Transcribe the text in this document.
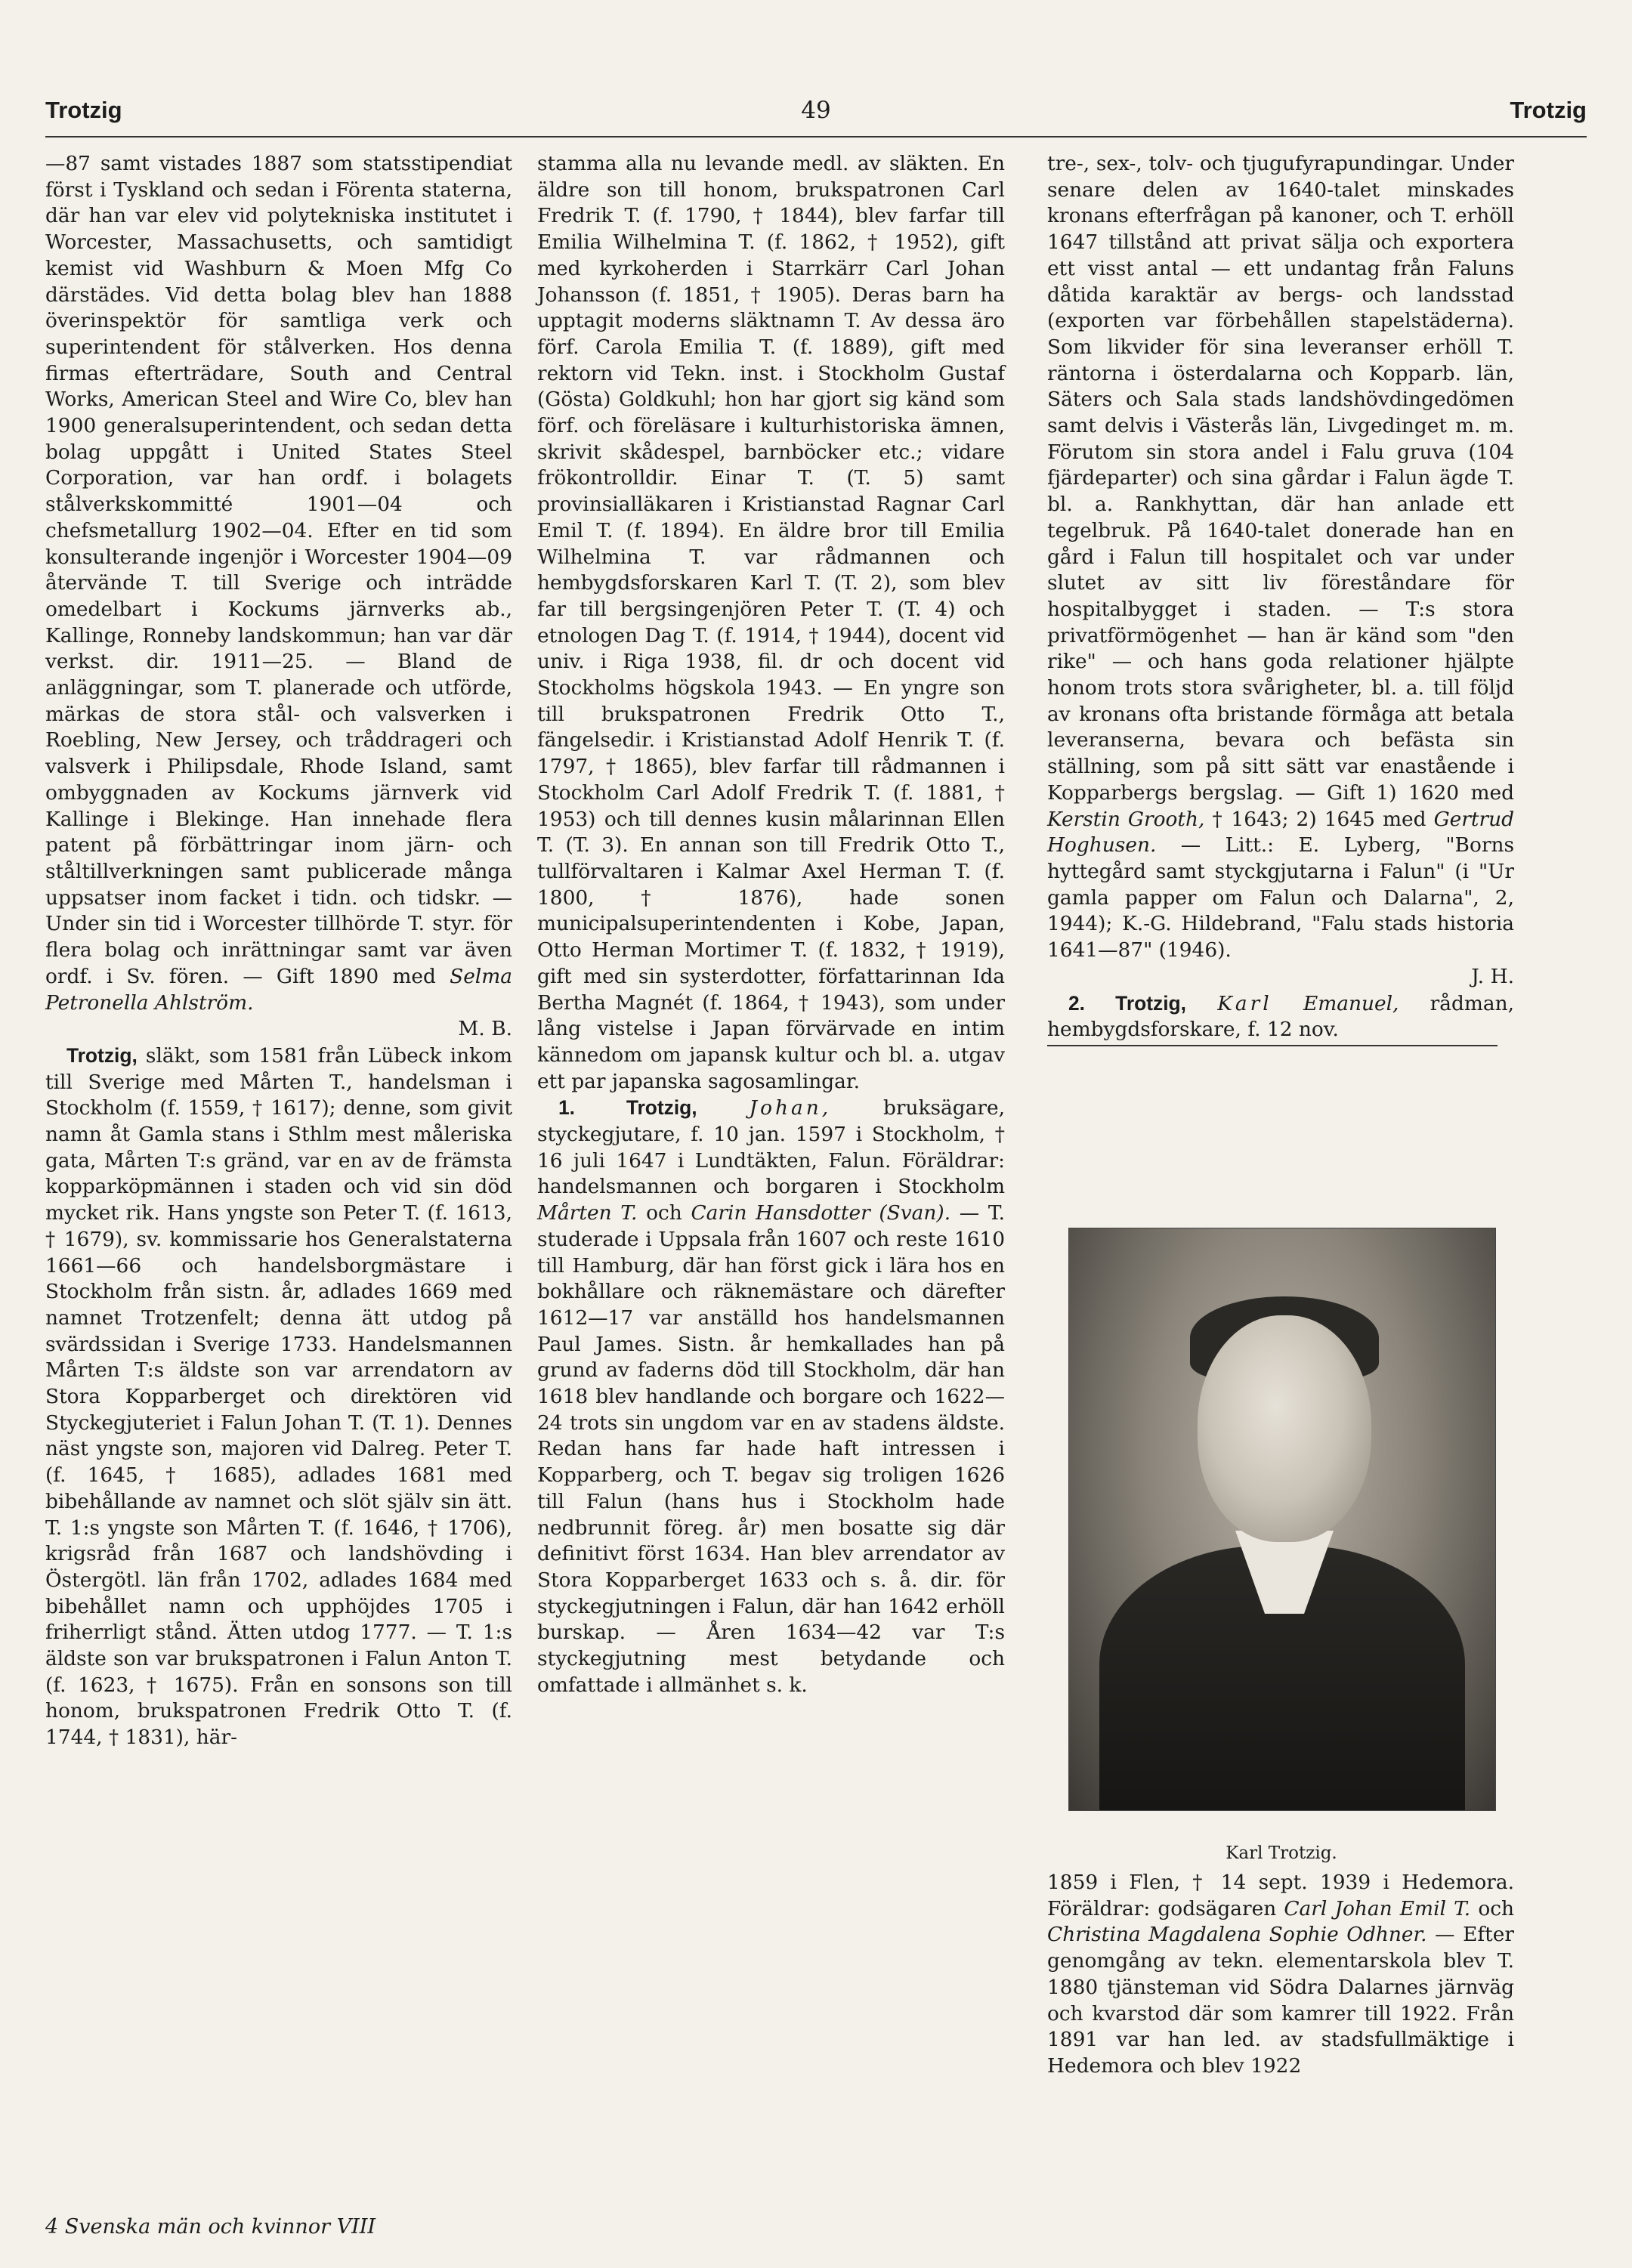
Trotzig	49	Trotzig

—87 samt vistades 1887 som statsstipendiat först i Tyskland och sedan i Förenta staterna, där han var elev vid polytekniska institutet i Worcester, Massachusetts, och samtidigt kemist vid Washburn & Moen Mfg Co därstädes. Vid detta bolag blev han 1888 överinspektör för samtliga verk och superintendent för stålverken. Hos denna firmas efterträdare, South and Central Works, American Steel and Wire Co, blev han 1900 generalsuperintendent, och sedan detta bolag uppgått i United States Steel Corporation, var han ordf. i bolagets stålverkskommitté 1901—04 och chefsmetallurg 1902—04. Efter en tid som konsulterande ingenjör i Worcester 1904—09 återvände T. till Sverige och inträdde omedelbart i Kockums järnverks ab., Kallinge, Ronneby landskommun; han var där verkst. dir. 1911—25. — Bland de anläggningar, som T. planerade och utförde, märkas de stora stål- och valsverken i Roebling, New Jersey, och tråddrageri och valsverk i Philipsdale, Rhode Island, samt ombyggnaden av Kockums järnverk vid Kallinge i Blekinge. Han innehade flera patent på förbättringar inom järn- och ståltillverkningen samt publicerade många uppsatser inom facket i tidn. och tidskr. — Under sin tid i Worcester tillhörde T. styr. för flera bolag och inrättningar samt var även ordf. i Sv. fören. — Gift 1890 med Selma Petronella Ahlström.

M. B.

Trotzig, släkt, som 1581 från Lübeck inkom till Sverige med Mårten T., handelsman i Stockholm (f. 1559, † 1617); denne, som givit namn åt Gamla stans i Sthlm mest måleriska gata, Mårten T:s gränd, var en av de främsta kopparköpmännen i staden och vid sin död mycket rik. Hans yngste son Peter T. (f. 1613, † 1679), sv. kommissarie hos Generalstaterna 1661—66 och handelsborgmästare i Stockholm från sistn. år, adlades 1669 med namnet Trotzenfelt; denna ätt utdog på svärdssidan i Sverige 1733. Handelsmannen Mårten T:s äldste son var arrendatorn av Stora Kopparberget och direktören vid Styckegjuteriet i Falun Johan T. (T. 1). Dennes näst yngste son, majoren vid Dalreg. Peter T. (f. 1645, † 1685), adlades 1681 med bibehållande av namnet och slöt själv sin ätt. T. 1:s yngste son Mårten T. (f. 1646, † 1706), krigsråd från 1687 och landshövding i Östergötl. län från 1702, adlades 1684 med bibehållet namn och upphöjdes 1705 i friherrligt stånd. Ätten utdog 1777. — T. 1:s äldste son var brukspatronen i Falun Anton T. (f. 1623, † 1675). Från en sonsons son till honom, brukspatronen Fredrik Otto T. (f. 1744, † 1831), här-

stamma alla nu levande medl. av släkten. En äldre son till honom, brukspatronen Carl Fredrik T. (f. 1790, † 1844), blev farfar till Emilia Wilhelmina T. (f. 1862, † 1952), gift med kyrkoherden i Starrkärr Carl Johan Johansson (f. 1851, † 1905). Deras barn ha upptagit moderns släktnamn T. Av dessa äro förf. Carola Emilia T. (f. 1889), gift med rektorn vid Tekn. inst. i Stockholm Gustaf (Gösta) Goldkuhl; hon har gjort sig känd som förf. och föreläsare i kulturhistoriska ämnen, skrivit skådespel, barnböcker etc.; vidare frökontrolldir. Einar T. (T. 5) samt provinsialläkaren i Kristianstad Ragnar Carl Emil T. (f. 1894). En äldre bror till Emilia Wilhelmina T. var rådmannen och hembygdsforskaren Karl T. (T. 2), som blev far till bergsingenjören Peter T. (T. 4) och etnologen Dag T. (f. 1914, † 1944), docent vid univ. i Riga 1938, fil. dr och docent vid Stockholms högskola 1943. — En yngre son till brukspatronen Fredrik Otto T., fängelsedir. i Kristianstad Adolf Henrik T. (f. 1797, † 1865), blev farfar till rådmannen i Stockholm Carl Adolf Fredrik T. (f. 1881, † 1953) och till dennes kusin målarinnan Ellen T. (T. 3). En annan son till Fredrik Otto T., tullförvaltaren i Kalmar Axel Herman T. (f. 1800, † 1876), hade sonen municipalsuperintendenten i Kobe, Japan, Otto Herman Mortimer T. (f. 1832, † 1919), gift med sin systerdotter, författarinnan Ida Bertha Magnét (f. 1864, † 1943), som under lång vistelse i Japan förvärvade en intim kännedom om japansk kultur och bl. a. utgav ett par japanska sagosamlingar.

1. Trotzig,	Johan, bruksägare, styckegjutare, f. 10 jan. 1597 i Stockholm, † 16 juli 1647 i Lundtäkten, Falun. Föräldrar: handelsmannen och borgaren i Stockholm Mårten T. och Carin Hansdotter (Svan). — T. studerade i Uppsala från 1607 och reste 1610 till Hamburg, där han först gick i lära hos en bokhållare och räknemästare och därefter 1612—17 var anställd hos handelsmannen Paul James. Sistn. år hemkallades han på grund av faderns död till Stockholm, där han 1618 blev handlande och borgare och 1622—24 trots sin ungdom var en av stadens äldste. Redan hans far hade haft intressen i Kopparberg, och T. begav sig troligen 1626 till Falun (hans hus i Stockholm hade nedbrunnit föreg. år) men bosatte sig där definitivt först 1634. Han blev arrendator av Stora Kopparberget 1633 och s. å. dir. för styckegjutningen i Falun, där han 1642 erhöll burskap. — Åren 1634—42 var T:s styckegjutning mest betydande och omfattade i allmänhet s. k.

tre-, sex-, tolv- och tjugufyrapundingar. Under senare delen av 1640-talet minskades kronans efterfrågan på kanoner, och T. erhöll 1647 tillstånd att privat sälja och exportera ett visst antal — ett undantag från Faluns dåtida karaktär av bergs- och landsstad (exporten var förbehållen stapelstäderna). Som likvider för sina leveranser erhöll T. räntorna i österdalarna och Kopparb. län, Säters och Sala stads landshövdingedömen samt delvis i Västerås län, Livgedinget m. m. Förutom sin stora andel i Falu gruva (104 fjärdeparter) och sina gårdar i Falun ägde T. bl. a. Rankhyttan, där han anlade ett tegelbruk. På 1640-talet donerade han en gård i Falun till hospitalet och var under slutet av sitt liv föreståndare för hospitalbygget i staden. — T:s stora privatförmögenhet — han är känd som "den rike" — och hans goda relationer hjälpte honom trots stora svårigheter, bl. a. till följd av kronans ofta bristande förmåga att betala leveranserna, bevara och befästa sin ställning, som på sitt sätt var enastående i Kopparbergs bergslag. — Gift 1) 1620 med Kerstin Grooth, † 1643; 2) 1645 med Gertrud Hoghusen. — Litt.: E. Lyberg, "Borns hyttegård samt styckgjutarna i Falun" (i "Ur gamla papper om Falun och Dalarna", 2, 1944); K.-G. Hildebrand, "Falu stads historia 1641—87" (1946).

J. H.

2. Trotzig, Karl Emanuel, rådman, hembygdsforskare, f. 12 nov.

Karl Trotzig.

1859 i Flen, † 14 sept. 1939 i Hedemora. Föräldrar: godsägaren Carl Johan Emil T. och Christina Magdalena Sophie Odhner. — Efter genomgång av tekn. elementarskola blev T. 1880 tjänsteman vid Södra Dalarnes järnväg och kvarstod där som kamrer till 1922. Från 1891 var han led. av stadsfullmäktige i Hedemora och blev 1922

4 Svenska män och kvinnor VIII
